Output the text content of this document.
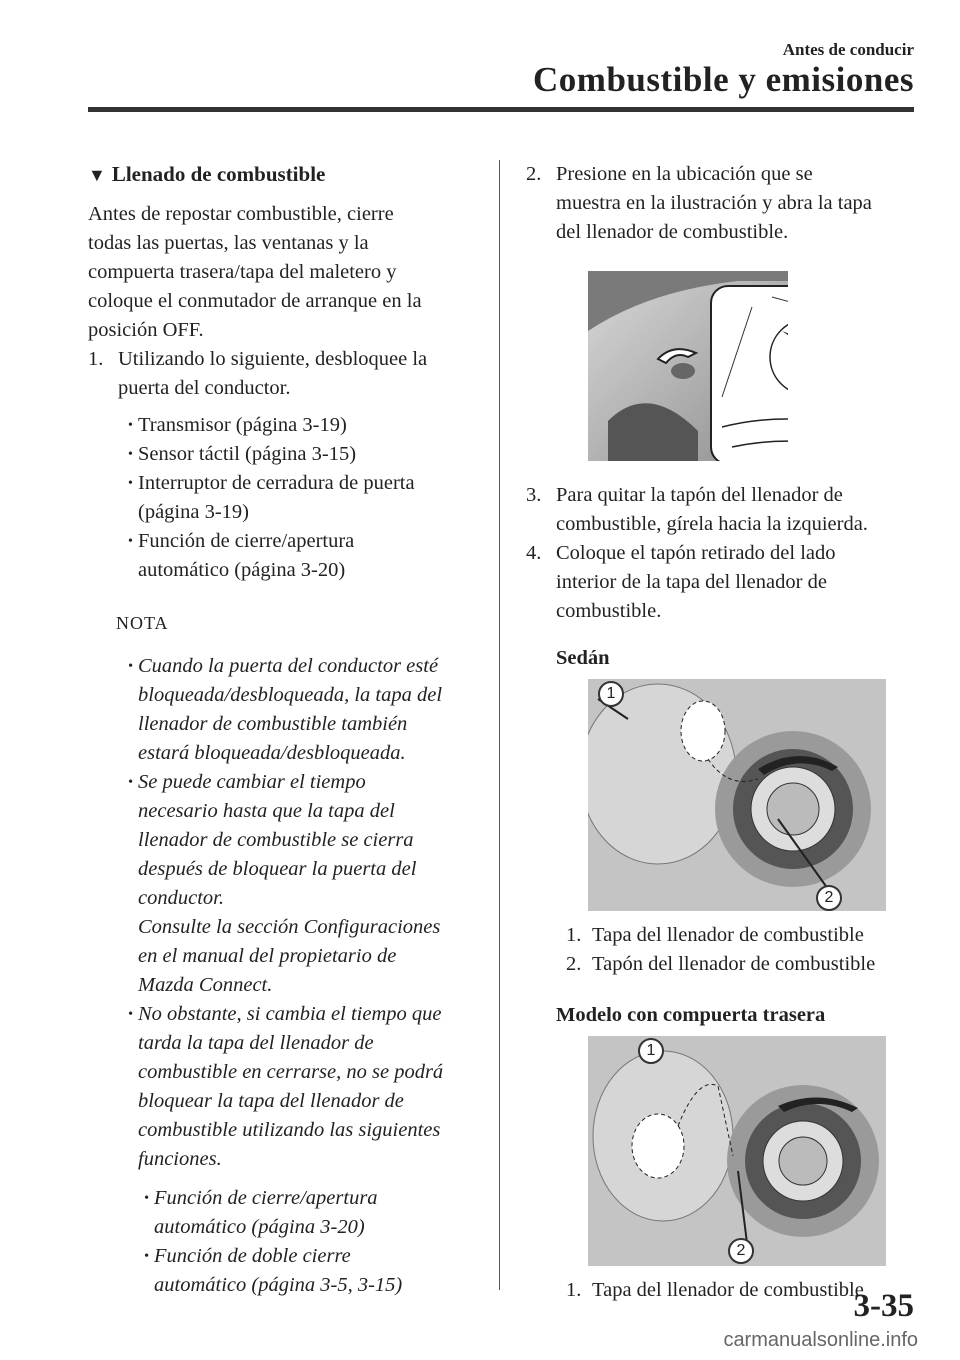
Antes de conducir
Combustible y emisiones
▼ Llenado de combustible

Antes de repostar combustible, cierre

todas las puertas, las ventanas y la

compuerta trasera/tapa del maletero y

coloque el conmutador de arranque en la

posición OFF.

1. Utilizando lo siguiente, desbloquee la

puerta del conductor.

• Transmisor (página 3-19)

• Sensor táctil (página 3-15)

• Interruptor de cerradura de puerta

(página 3-19)

• Función de cierre/apertura

automático (página 3-20)

NOTA
• Cuando la puerta del conductor esté

bloqueada/desbloqueada, la tapa del

llenador de combustible también

estará bloqueada/desbloqueada.

• Se puede cambiar el tiempo

necesario hasta que la tapa del

llenador de combustible se cierra

después de bloquear la puerta del

conductor.

Consulte la sección Configuraciones

en el manual del propietario de

Mazda Connect.

• No obstante, si cambia el tiempo que

tarda la tapa del llenador de

combustible en cerrarse, no se podrá

bloquear la tapa del llenador de

combustible utilizando las siguientes

funciones.

• Función de cierre/apertura

automático (página 3-20)

• Función de doble cierre

automático (página 3-5, 3-15)

2. Presione en la ubicación que se

muestra en la ilustración y abra la tapa

del llenador de combustible.

3. Para quitar la tapón del llenador de

combustible, gírela hacia la izquierda.

4. Coloque el tapón retirado del lado

interior de la tapa del llenador de

combustible.

Sedán
1
2
1. Tapa del llenador de combustible
2. Tapón del llenador de combustible
Modelo con compuerta trasera
1
2
1. Tapa del llenador de combustible
3-35
carmanualsonline.info
